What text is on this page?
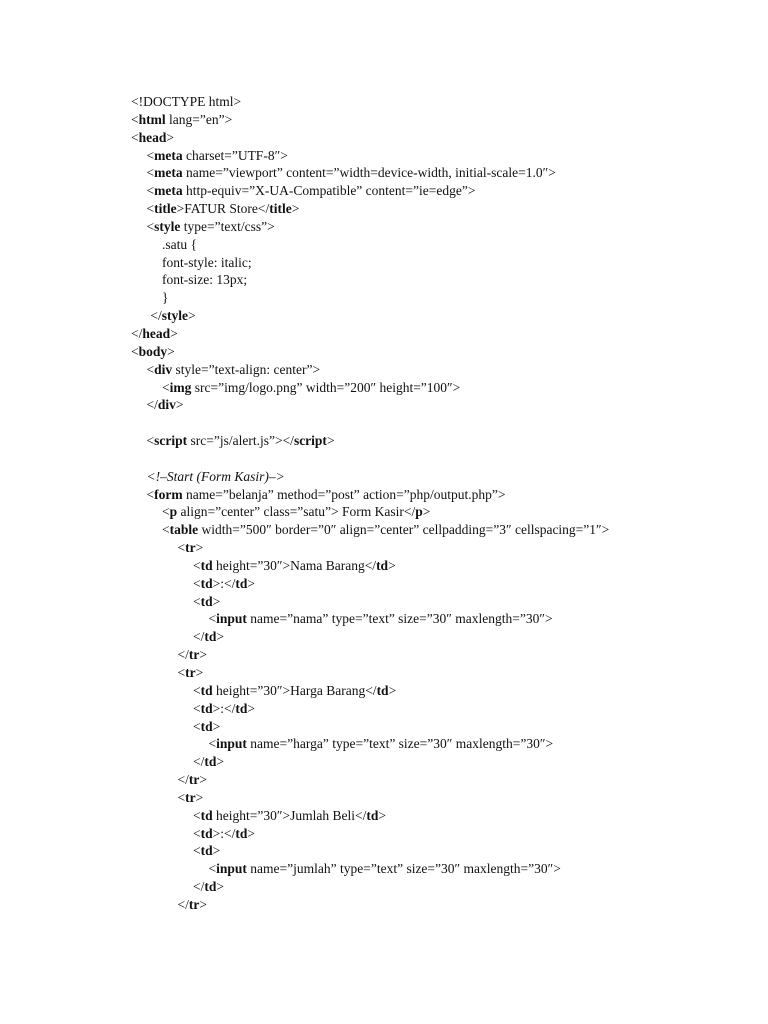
<!DOCTYPE html>
<html lang=”en”>
<head>
<meta charset=”UTF-8″>
<meta name=”viewport” content=”width=device-width, initial-scale=1.0″>
<meta http-equiv=”X-UA-Compatible” content=”ie=edge”>
<title>FATUR Store</title>
<style type=”text/css”>
.satu {
font-style: italic;
font-size: 13px;
}
</style>
</head>
<body>
<div style=”text-align: center”>
<img src=”img/logo.png” width=”200″ height=”100″>
</div>
<script src=”js/alert.js”></script>
<!–Start (Form Kasir)–>
<form name=”belanja” method=”post” action=”php/output.php”>
<p align=”center” class=”satu”> Form Kasir</p>
<table width=”500″ border=”0″ align=”center” cellpadding=”3″ cellspacing=”1″>
<tr>
<td height=”30″>Nama Barang</td>
<td>:</td>
<td>
<input name=”nama” type=”text” size=”30″ maxlength=”30″>
</td>
</tr>
<tr>
<td height=”30″>Harga Barang</td>
<td>:</td>
<td>
<input name=”harga” type=”text” size=”30″ maxlength=”30″>
</td>
</tr>
<tr>
<td height=”30″>Jumlah Beli</td>
<td>:</td>
<td>
<input name=”jumlah” type=”text” size=”30″ maxlength=”30″>
</td>
</tr>
